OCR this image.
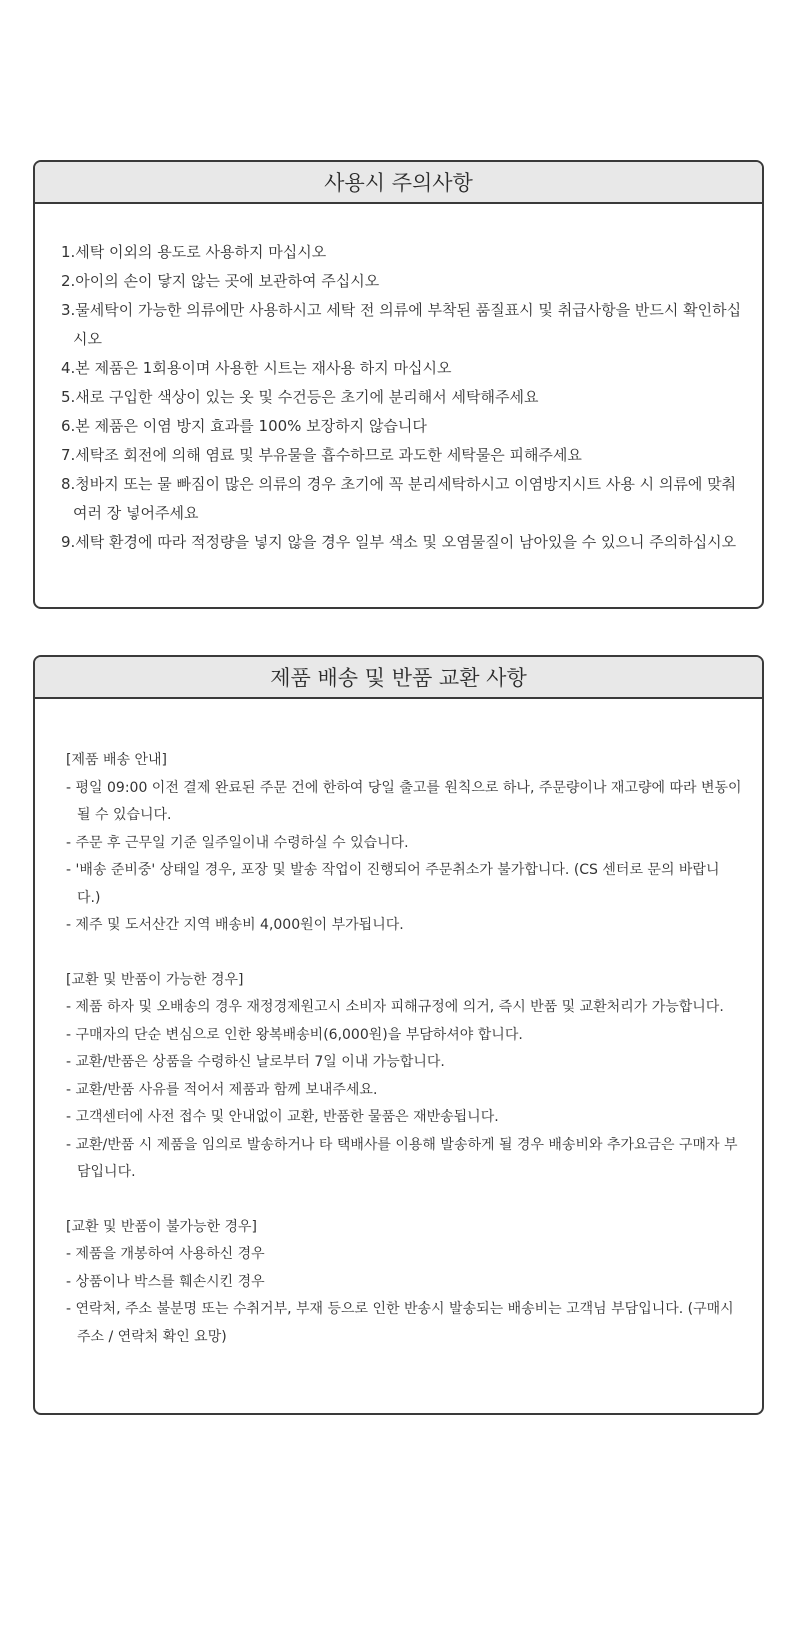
사용시 주의사항
1.세탁 이외의 용도로 사용하지 마십시오
2.아이의 손이 닿지 않는 곳에 보관하여 주십시오
3.물세탁이 가능한 의류에만 사용하시고 세탁 전 의류에 부착된 품질표시 및 취급사항을 반드시 확인하십시오
4.본 제품은 1회용이며 사용한 시트는 재사용 하지 마십시오
5.새로 구입한 색상이 있는 옷 및 수건등은 초기에 분리해서 세탁해주세요
6.본 제품은 이염 방지 효과를 100% 보장하지 않습니다
7.세탁조 회전에 의해 염료 및 부유물을 흡수하므로 과도한 세탁물은 피해주세요
8.청바지 또는 물 빠짐이 많은 의류의 경우 초기에 꼭 분리세탁하시고 이염방지시트 사용 시 의류에 맞춰 여러 장 넣어주세요
9.세탁 환경에 따라 적정량을 넣지 않을 경우 일부 색소 및 오염물질이 남아있을 수 있으니 주의하십시오
제품 배송 및 반품 교환 사항
[제품 배송 안내]
- 평일 09:00 이전 결제 완료된 주문 건에 한하여 당일 출고를 원칙으로 하나, 주문량이나 재고량에 따라 변동이 될 수 있습니다.
- 주문 후 근무일 기준 일주일이내 수령하실 수 있습니다.
- '배송 준비중' 상태일 경우, 포장 및 발송 작업이 진행되어 주문취소가 불가합니다. (CS 센터로 문의 바랍니다.)
- 제주 및 도서산간 지역 배송비 4,000원이 부가됩니다.
[교환 및 반품이 가능한 경우]
- 제품 하자 및 오배송의 경우 재정경제원고시 소비자 피해규정에 의거, 즉시 반품 및 교환처리가 가능합니다.
- 구매자의 단순 변심으로 인한 왕복배송비(6,000원)을 부담하셔야 합니다.
- 교환/반품은 상품을 수령하신 날로부터 7일 이내 가능합니다.
- 교환/반품 사유를 적어서 제품과 함께 보내주세요.
- 고객센터에 사전 접수 및 안내없이 교환, 반품한 물품은 재반송됩니다.
- 교환/반품 시 제품을 임의로 발송하거나 타 택배사를 이용해 발송하게 될 경우 배송비와 추가요금은 구매자 부담입니다.
[교환 및 반품이 불가능한 경우]
- 제품을 개봉하여 사용하신 경우
- 상품이나 박스를 훼손시킨 경우
- 연락처, 주소 불분명 또는 수취거부, 부재 등으로 인한 반송시 발송되는 배송비는 고객님 부담입니다. (구매시 주소 / 연락처 확인 요망)
